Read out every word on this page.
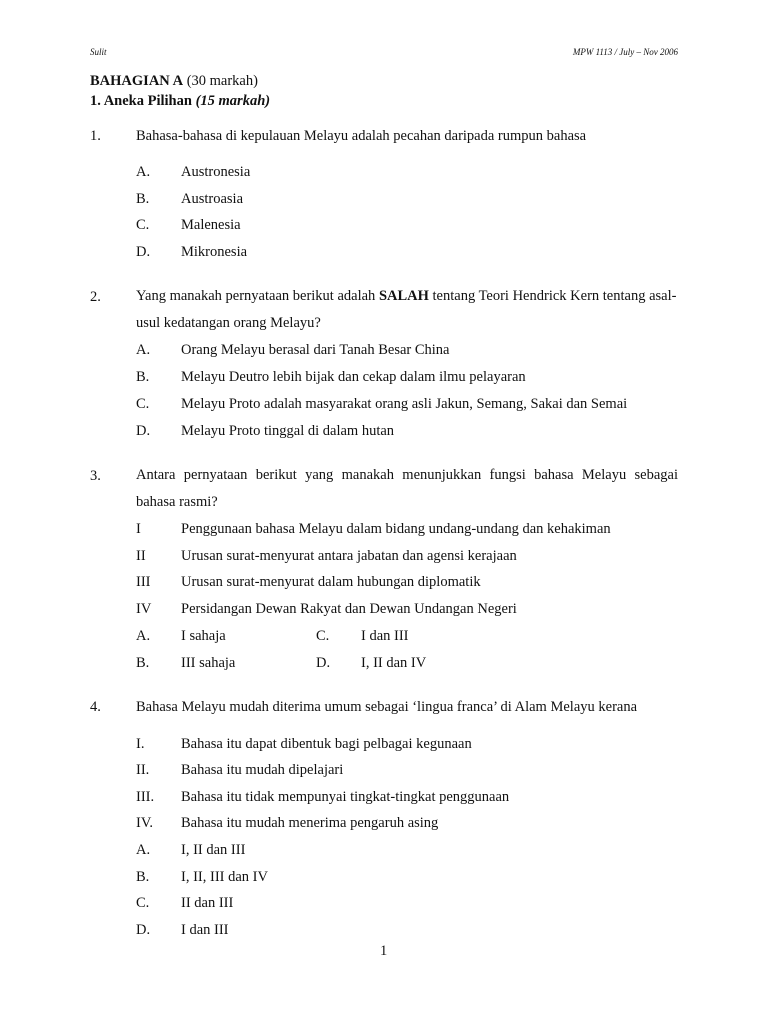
Sulit	MPW 1113 / July – Nov 2006
BAHAGIAN A (30 markah)
1. Aneka Pilihan (15 markah)
1. Bahasa-bahasa di kepulauan Melayu adalah pecahan daripada rumpun bahasa
A. Austronesia
B. Austroasia
C. Malenesia
D. Mikronesia
2. Yang manakah pernyataan berikut adalah SALAH tentang Teori Hendrick Kern tentang asal-usul kedatangan orang Melayu?
A. Orang Melayu berasal dari Tanah Besar China
B. Melayu Deutro lebih bijak dan cekap dalam ilmu pelayaran
C. Melayu Proto adalah masyarakat orang asli Jakun, Semang, Sakai dan Semai
D. Melayu Proto tinggal di dalam hutan
3. Antara pernyataan berikut yang manakah menunjukkan fungsi bahasa Melayu sebagai bahasa rasmi?
I	Penggunaan bahasa Melayu dalam bidang undang-undang dan kehakiman
II Urusan surat-menyurat antara jabatan dan agensi kerajaan
III Urusan surat-menyurat dalam hubungan diplomatik
IV Persidangan Dewan Rakyat dan Dewan Undangan Negeri
A. I sahaja	C. I dan III
B. III sahaja	D. I, II dan IV
4. Bahasa Melayu mudah diterima umum sebagai ‘lingua franca’ di Alam Melayu kerana
I.	Bahasa itu dapat dibentuk bagi pelbagai kegunaan
II. Bahasa itu mudah dipelajari
III. Bahasa itu tidak mempunyai tingkat-tingkat penggunaan
IV. Bahasa itu mudah menerima pengaruh asing
A. I, II dan III
B. I, II, III dan IV
C. II dan III
D. I dan III
1
